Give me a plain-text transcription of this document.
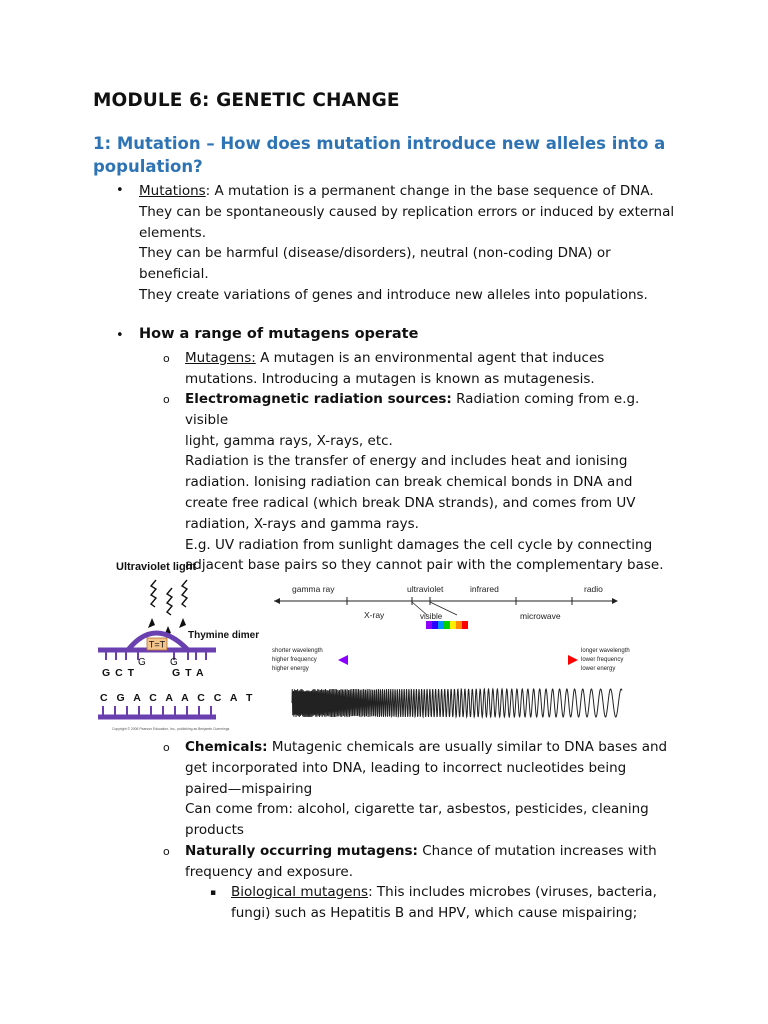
MODULE 6: GENETIC CHANGE
1: Mutation – How does mutation introduce new alleles into a population?
• Mutations: A mutation is a permanent change in the base sequence of DNA.
They can be spontaneously caused by replication errors or induced by external
elements.
They can be harmful (disease/disorders), neutral (non-coding DNA) or
beneficial.
They create variations of genes and introduce new alleles into populations.
• How a range of mutagens operate
o Mutagens: A mutagen is an environmental agent that induces
mutations. Introducing a mutagen is known as mutagenesis.
o Electromagnetic radiation sources: Radiation coming from e.g. visible
light, gamma rays, X-rays, etc.
Radiation is the transfer of energy and includes heat and ionising
radiation. Ionising radiation can break chemical bonds in DNA and
create free radical (which break DNA strands), and comes from UV
radiation, X-rays and gamma rays.
E.g. UV radiation from sunlight damages the cell cycle by connecting
adjacent base pairs so they cannot pair with the complementary base.
Ultraviolet light
Thymine dimer
T=T
G G
G C T	G T A
C G A C A A C C A T
Copyright © 2006 Pearson Education, Inc., publishing as Benjamin Cummings
gamma ray	ultraviolet	infrared	radio
X-ray	visible	microwave
shorter wavelength
higher frequency
higher energy
longer wavelength
lower frequency
lower energy
o Chemicals: Mutagenic chemicals are usually similar to DNA bases and
get incorporated into DNA, leading to incorrect nucleotides being
paired—mispairing
Can come from: alcohol, cigarette tar, asbestos, pesticides, cleaning
products
o Naturally occurring mutagens: Chance of mutation increases with
frequency and exposure.
▪ Biological mutagens: This includes microbes (viruses, bacteria,
fungi) such as Hepatitis B and HPV, which cause mispairing;
